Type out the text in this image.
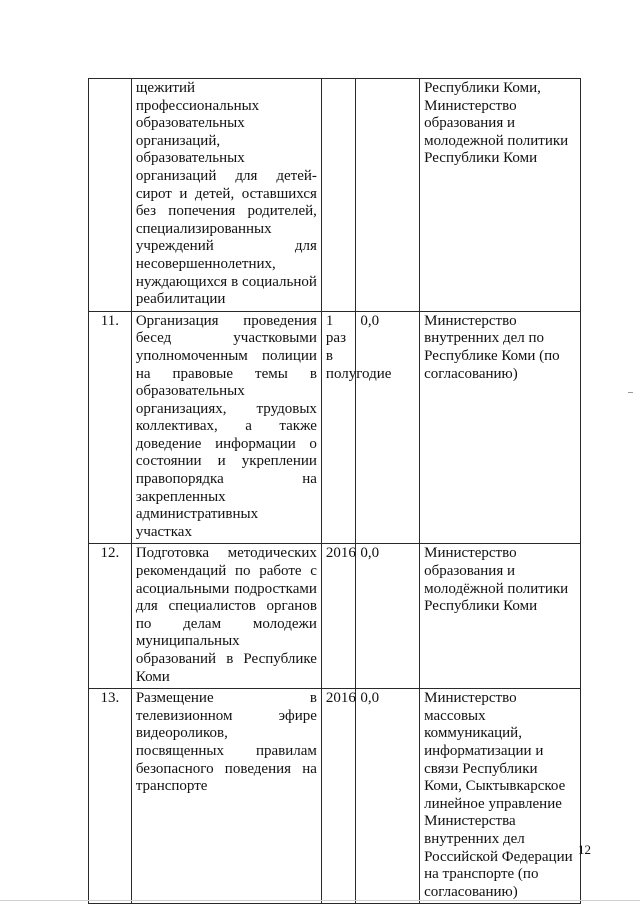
	щежитий профессиональных образовательных организаций, образовательных организаций для детей-сирот и детей, оставшихся без попечения родителей, специализированных учреждений для несовершеннолетних, нуждающихся в социальной реабилитации			Республики Коми, Министерство образования и молодежной политики Республики Коми
11.	Организация проведения бесед участковыми уполномоченным полиции на правовые темы в образовательных организациях, трудовых коллективах, а также доведение информации о состоянии и укреплении правопорядка на закрепленных административных участках	1 раз в полугодие	0,0	Министерство внутренних дел по Республике Коми (по согласованию)
12.	Подготовка методических рекомендаций по работе с асоциальными подростками для специалистов органов по делам молодежи муниципальных образований в Республике Коми	2016	0,0	Министерство образования и молодёжной политики Республики Коми
13.	Размещение в телевизионном эфире видеороликов, посвященных правилам безопасного поведения на транспорте	2016	0,0	Министерство массовых коммуникаций, информатизации и связи Республики Коми, Сыктывкарское линейное управление Министерства внутренних дел Российской Федерации на транспорте (по согласованию)
12
